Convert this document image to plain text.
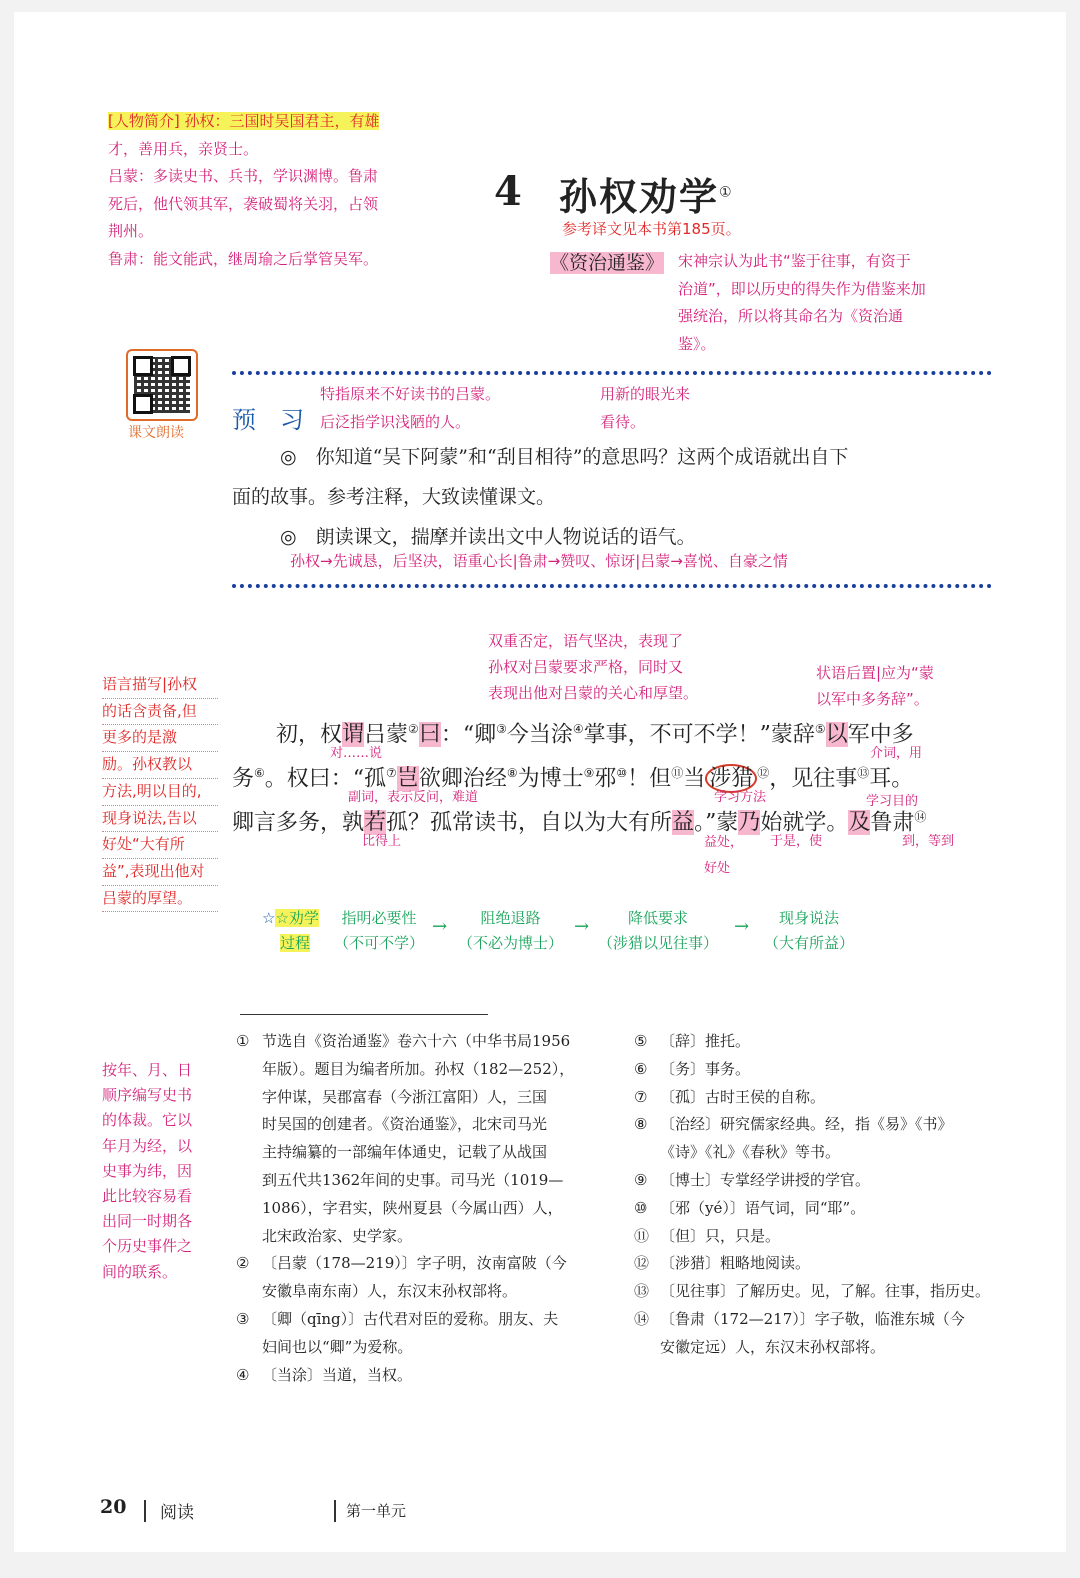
[人物简介] 孙权：三国时吴国君主，有雄
才，善用兵，亲贤士。
吕蒙：多读史书、兵书，学识渊博。鲁肃
死后，他代领其军，袭破蜀将关羽，占领
荆州。
鲁肃：能文能武，继周瑜之后掌管吴军。
4 孙权劝学①
参考译文见本书第185页。
《资治通鉴》 宋神宗认为此书“鉴于往事，有资于
治道”，即以历史的得失作为借鉴来加
强统治，所以将其命名为《资治通
鉴》。
课文朗读 预　习
特指原来不好读书的吕蒙。
后泛指学识浅陋的人。
用新的眼光来
看待。
◎　你知道“吴下阿蒙”和“刮目相待”的意思吗？这两个成语就出自下
面的故事。参考注释，大致读懂课文。
◎　朗读课文，揣摩并读出文中人物说话的语气。
孙权→先诚恳，后坚决，语重心长|鲁肃→赞叹、惊讶|吕蒙→喜悦、自豪之情
语言描写|孙权
的话含责备,但
更多的是激
励。孙权教以
方法,明以目的,
现身说法,告以
好处“大有所
益”,表现出他对
吕蒙的厚望。
双重否定，语气坚决，表现了
孙权对吕蒙要求严格，同时又
表现出他对吕蒙的关心和厚望。
状语后置|应为“蒙
以军中多务辞”。
初，权谓吕蒙②曰：“卿③今当涂④掌事，不可不学！”蒙辞⑤以军中多
对……说	介词，用
务⑥。权曰：“孤⑦岂欲卿治经⑧为博士⑨邪⑩！但⑪当 涉猎 ⑫，见往事⑬耳。
副词，表示反问，难道	学习方法	学习目的
卿言多务，孰若孤？孤常读书，自以为大有所益。”蒙乃始就学。及鲁肃⑭
比得上	益处，
好处
于是，使	到，等到
☆☆劝学
过程
指明必要性
（不可不学）
→	阻绝退路
（不必为博士）
→	降低要求
（涉猎以见往事）
→	现身说法
（大有所益）
按年、月、日
顺序编写史书
的体裁。它以
年月为经，以
史事为纬，因
此比较容易看
出同一时期各
个历史事件之
间的联系。
① 节选自《资治通鉴》卷六十六（中华书局1956
年版）。题目为编者所加。孙权（182—252），
字仲谋，吴郡富春（今浙江富阳）人，三国
时吴国的创建者。《资治通鉴》，北宋司马光
主持编纂的一部编年体通史，记载了从战国
到五代共1362年间的史事。司马光（1019—
1086），字君实，陕州夏县（今属山西）人，
北宋政治家、史学家。
② 〔吕蒙（178—219）〕字子明，汝南富陂（今
安徽阜南东南）人，东汉末孙权部将。
③ 〔卿（qīng）〕古代君对臣的爱称。朋友、夫
妇间也以“卿”为爱称。
④ 〔当涂〕当道，当权。
⑤ 〔辞〕推托。
⑥ 〔务〕事务。
⑦ 〔孤〕古时王侯的自称。
⑧ 〔治经〕研究儒家经典。经，指《易》《书》
《诗》《礼》《春秋》等书。
⑨ 〔博士〕专掌经学讲授的学官。
⑩ 〔邪（yé）〕语气词，同“耶”。
⑪ 〔但〕只，只是。
⑫ 〔涉猎〕粗略地阅读。
⑬ 〔见往事〕了解历史。见，了解。往事，指历史。
⑭ 〔鲁肃（172—217）〕字子敬，临淮东城（今
安徽定远）人，东汉末孙权部将。
20 阅读	第一单元
